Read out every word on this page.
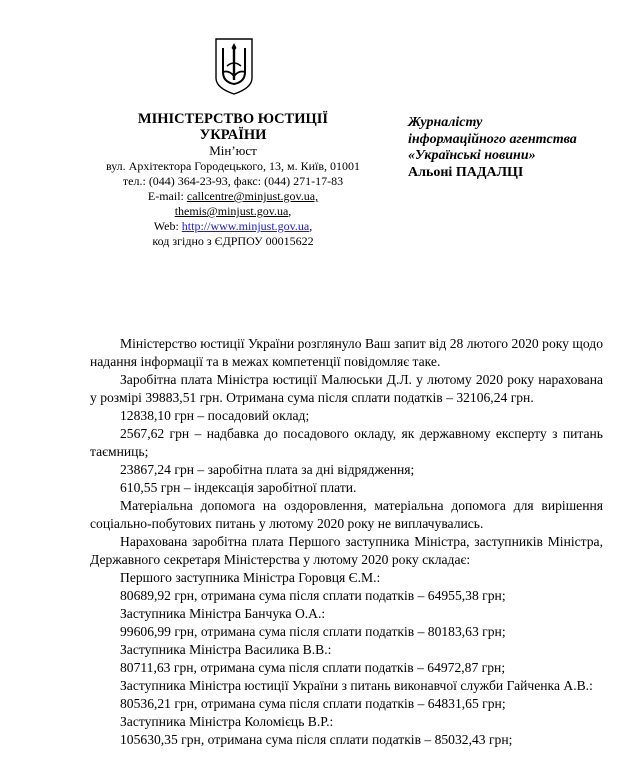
МІНІСТЕРСТВО ЮСТИЦІЇ
УКРАЇНИ
Мін’юст
вул. Архітектора Городецького, 13, м. Київ, 01001
тел.: (044) 364-23-93, факс: (044) 271-17-83
E-mail: callcentre@minjust.gov.ua,
themis@minjust.gov.ua,
Web: http://www.minjust.gov.ua,
код згідно з ЄДРПОУ 00015622
Журналісту
інформаційного агентства
«Українські новини»
Альоні ПАДАЛЦІ

Міністерство юстиції України розглянуло Ваш запит від 28 лютого 2020 року щодо надання інформації та в межах компетенції повідомляє таке.

Заробітна плата Міністра юстиції Малюськи Д.Л. у лютому 2020 року нарахована у розмірі 39883,51 грн. Отримана сума після сплати податків – 32106,24 грн.

12838,10 грн – посадовий оклад;

2567,62 грн – надбавка до посадового окладу, як державному експерту з питань таємниць;

23867,24 грн – заробітна плата за дні відрядження;

610,55 грн – індексація заробітної плати.

Матеріальна допомога на оздоровлення, матеріальна допомога для вирішення соціально-побутових питань у лютому 2020 року не виплачувались.

Нарахована заробітна плата Першого заступника Міністра, заступників Міністра, Державного секретаря Міністерства у лютому 2020 року складає:

Першого заступника Міністра Горовця Є.М.:

80689,92 грн, отримана сума після сплати податків – 64955,38 грн;

Заступника Міністра Банчука О.А.:

99606,99 грн, отримана сума після сплати податків – 80183,63 грн;

Заступника Міністра Василика В.В.:

80711,63 грн, отримана сума після сплати податків – 64972,87 грн;

Заступника Міністра юстиції України з питань виконавчої служби Гайченка А.В.:

80536,21 грн, отримана сума після сплати податків – 64831,65 грн;

Заступника Міністра Коломієць В.Р.:

105630,35 грн, отримана сума після сплати податків – 85032,43 грн;
